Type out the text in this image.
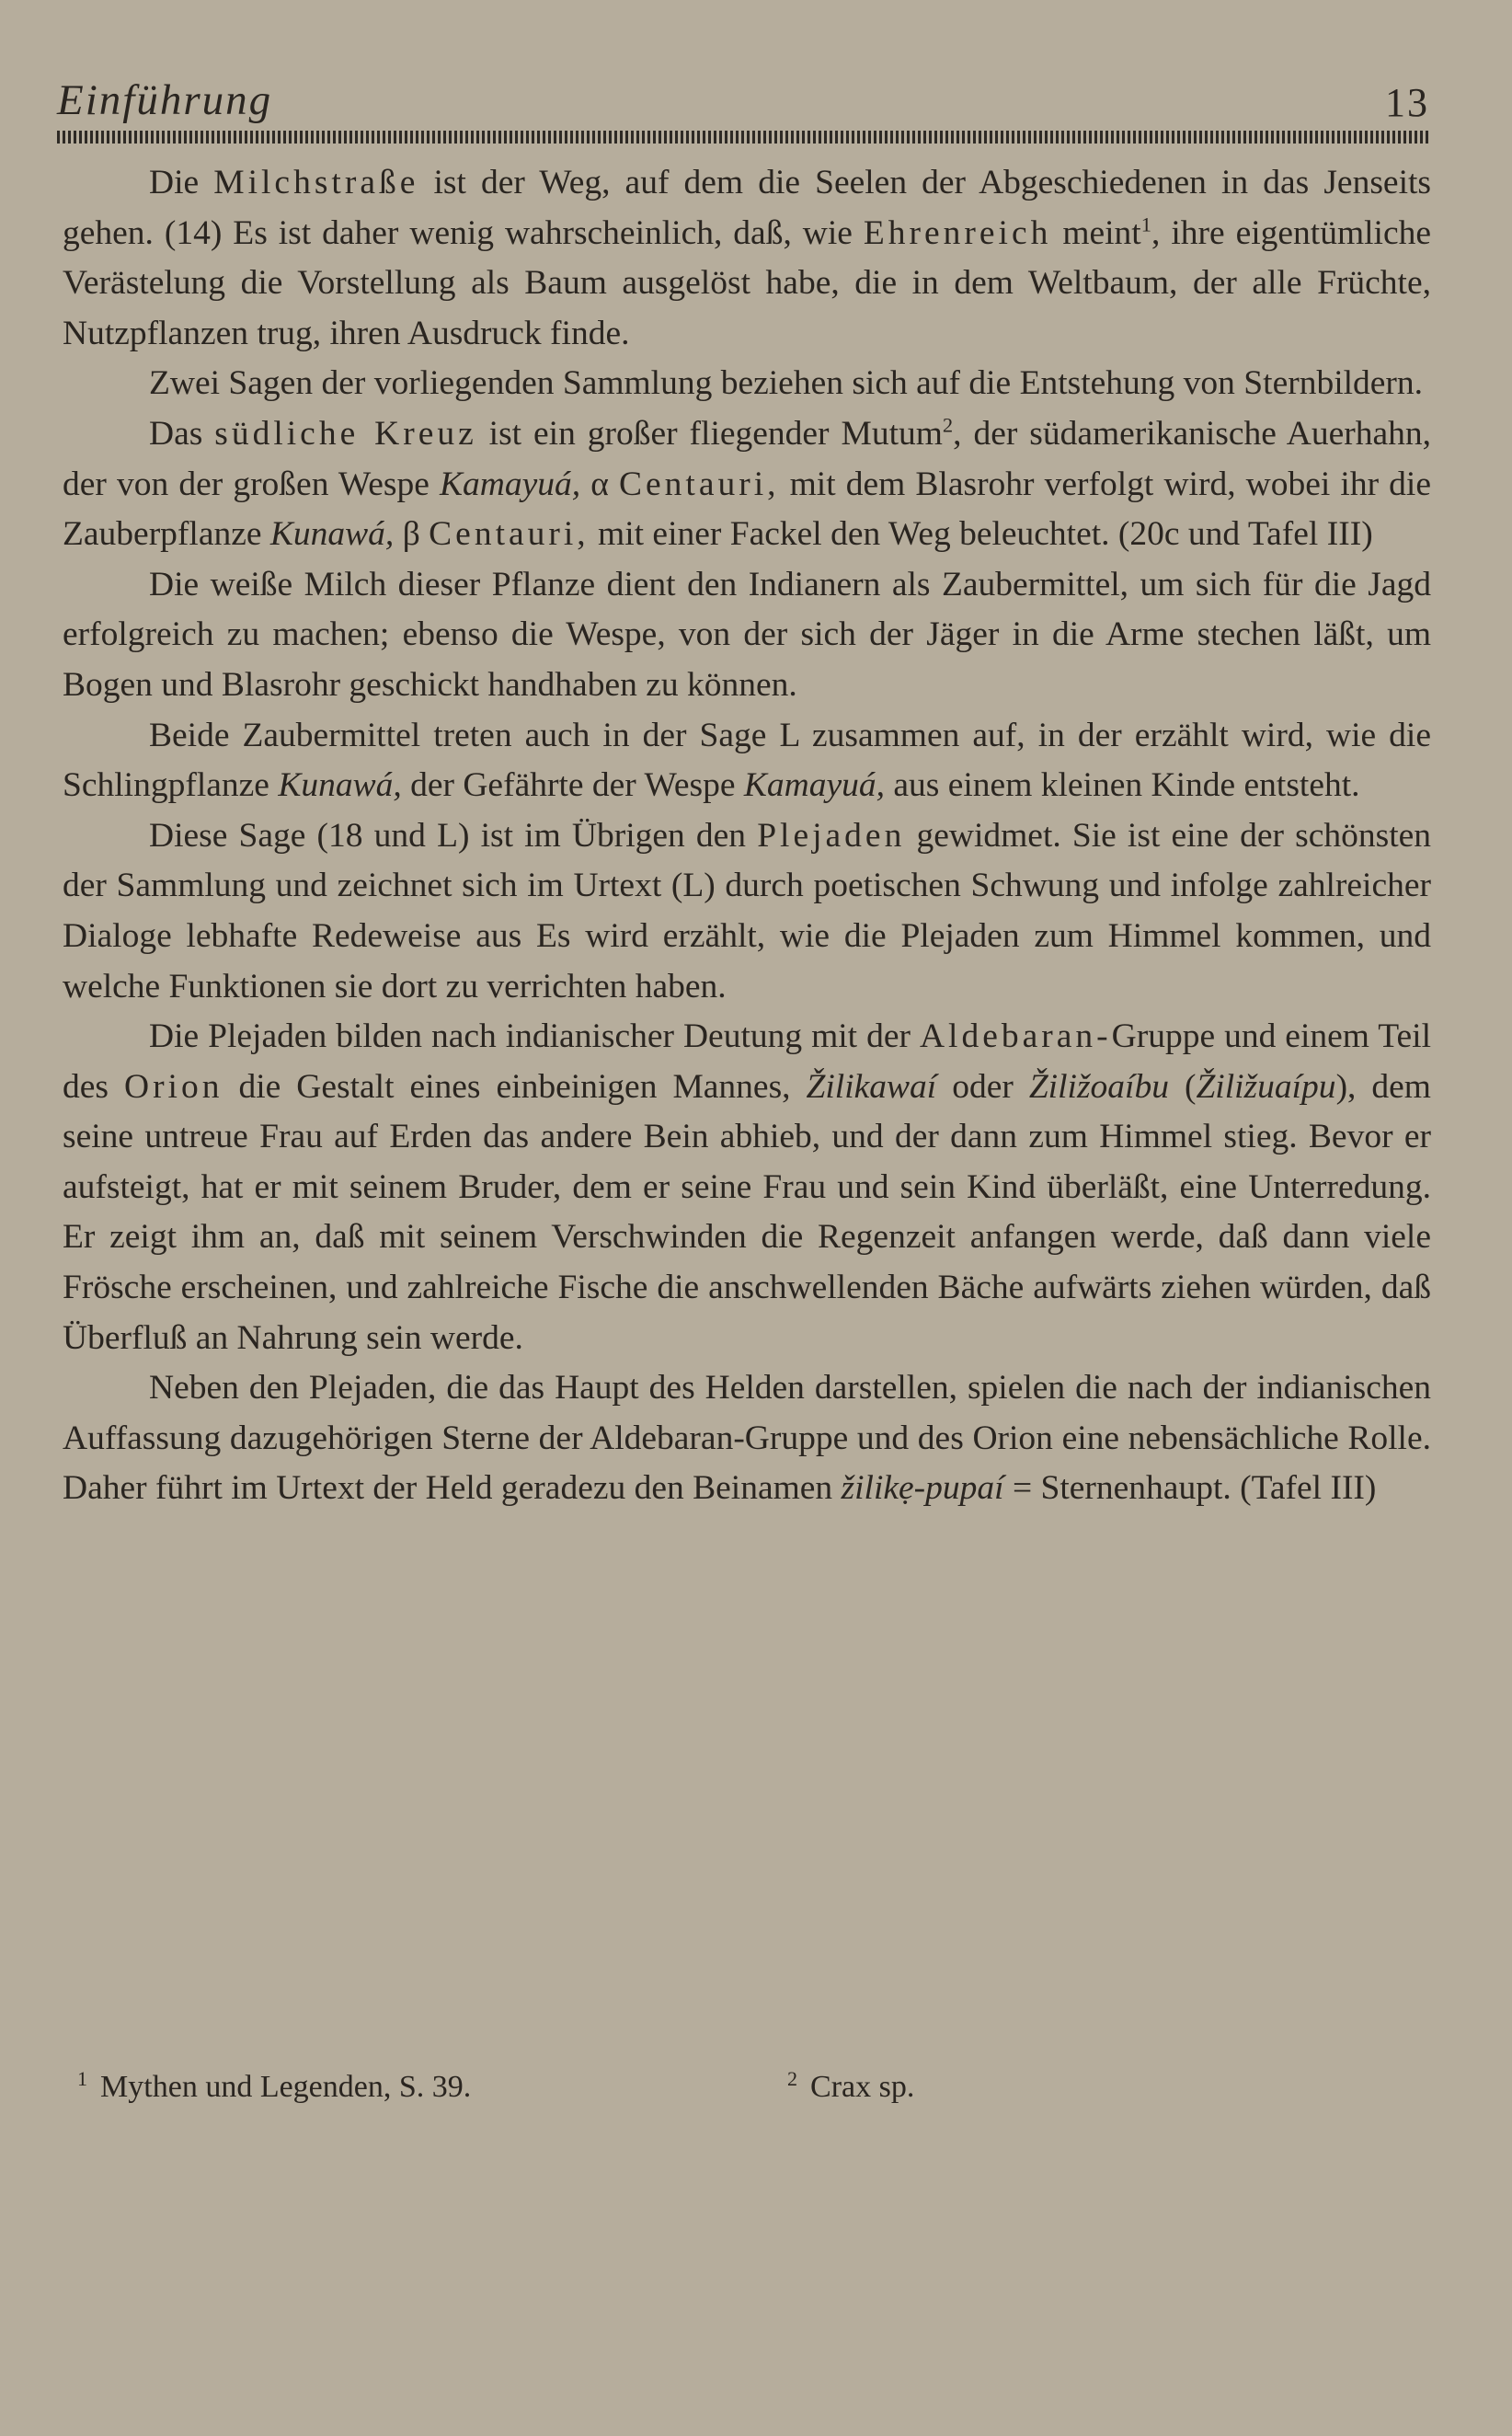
Einführung	13

Die Milchstraße ist der Weg, auf dem die Seelen der Abgeschiedenen in das Jenseits gehen. (14) Es ist daher wenig wahrscheinlich, daß, wie Ehrenreich meint$^1$, ihre eigentümliche Verästelung die Vorstellung als Baum ausgelöst habe, die in dem Weltbaum, der alle Früchte, Nutzpflanzen trug, ihren Ausdruck finde.

Zwei Sagen der vorliegenden Sammlung beziehen sich auf die Entstehung von Sternbildern.

Das südliche Kreuz ist ein großer fliegender Mutum$^2$, der südamerikanische Auerhahn, der von der großen Wespe Kamayuá, α Centauri, mit dem Blasrohr verfolgt wird, wobei ihr die Zauberpflanze Kunawá, β Centauri, mit einer Fackel den Weg beleuchtet. (20c und Tafel III)

Die weiße Milch dieser Pflanze dient den Indianern als Zaubermittel, um sich für die Jagd erfolgreich zu machen; ebenso die Wespe, von der sich der Jäger in die Arme stechen läßt, um Bogen und Blasrohr geschickt handhaben zu können.

Beide Zaubermittel treten auch in der Sage L zusammen auf, in der erzählt wird, wie die Schlingpflanze Kunawá, der Gefährte der Wespe Kamayuá, aus einem kleinen Kinde entsteht.

Diese Sage (18 und L) ist im Übrigen den Plejaden gewidmet. Sie ist eine der schönsten der Sammlung und zeichnet sich im Urtext (L) durch poetischen Schwung und infolge zahlreicher Dialoge lebhafte Redeweise aus Es wird erzählt, wie die Plejaden zum Himmel kommen, und welche Funktionen sie dort zu verrichten haben.

Die Plejaden bilden nach indianischer Deutung mit der Aldebaran-Gruppe und einem Teil des Orion die Gestalt eines einbeinigen Mannes, Žilikawaí oder Žiližoaíbu (Žiližuaípu), dem seine untreue Frau auf Erden das andere Bein abhieb, und der dann zum Himmel stieg. Bevor er aufsteigt, hat er mit seinem Bruder, dem er seine Frau und sein Kind überläßt, eine Unterredung. Er zeigt ihm an, daß mit seinem Verschwinden die Regenzeit anfangen werde, daß dann viele Frösche erscheinen, und zahlreiche Fische die anschwellenden Bäche aufwärts ziehen würden, daß Überfluß an Nahrung sein werde.

Neben den Plejaden, die das Haupt des Helden darstellen, spielen die nach der indianischen Auffassung dazugehörigen Sterne der Aldebaran-Gruppe und des Orion eine nebensächliche Rolle. Daher führt im Urtext der Held geradezu den Beinamen žilikẹ-pupaí = Sternenhaupt. (Tafel III)

$^1$ Mythen und Legenden, S. 39.	$^2$ Crax sp.
